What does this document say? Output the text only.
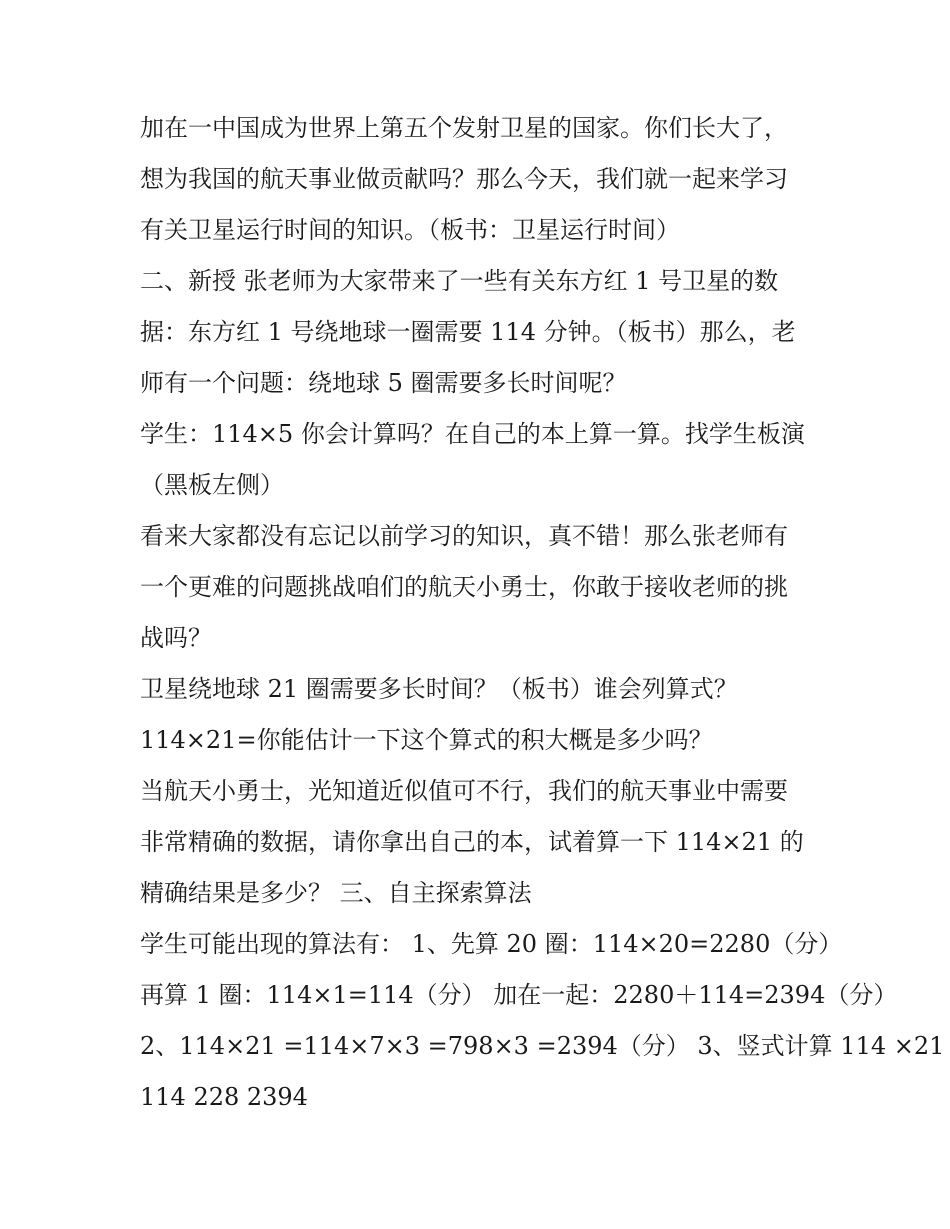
加在一中国成为世界上第五个发射卫星的国家。你们长大了，
想为我国的航天事业做贡献吗？那么今天，我们就一起来学习
有关卫星运行时间的知识。（板书：卫星运行时间）
二、新授 张老师为大家带来了一些有关东方红 1 号卫星的数
据：东方红 1 号绕地球一圈需要 114 分钟。（板书）那么，老
师有一个问题：绕地球 5 圈需要多长时间呢？
学生：114×5 你会计算吗？在自己的本上算一算。找学生板演
（黑板左侧）
看来大家都没有忘记以前学习的知识，真不错！那么张老师有
一个更难的问题挑战咱们的航天小勇士，你敢于接收老师的挑
战吗？
卫星绕地球 21 圈需要多长时间？（板书）谁会列算式？
114×21=你能估计一下这个算式的积大概是多少吗？
当航天小勇士，光知道近似值可不行，我们的航天事业中需要
非常精确的数据，请你拿出自己的本，试着算一下 114×21 的
精确结果是多少？ 三、自主探索算法
学生可能出现的算法有： 1、先算 20 圈：114×20=2280（分）
再算 1 圈：114×1=114（分） 加在一起：2280＋114=2394（分）
2、114×21 =114×7×3 =798×3 =2394（分） 3、竖式计算 114 ×21
114 228 2394
